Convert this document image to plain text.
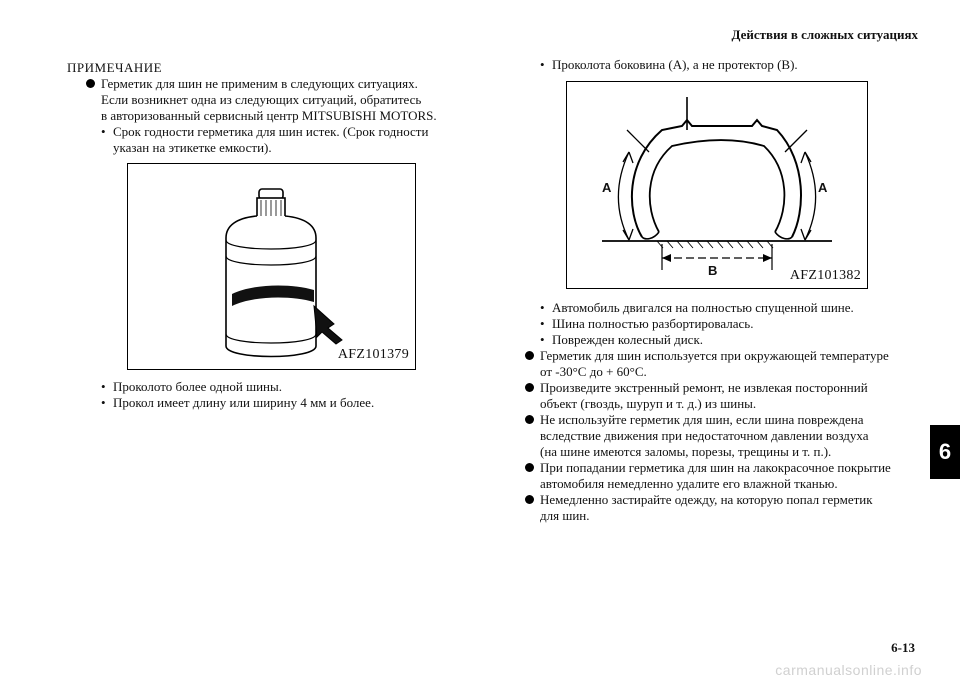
Действия в сложных ситуациях
ПРИМЕЧАНИЕ
Герметик для шин не применим в следующих ситуациях.
Если возникнет одна из следующих ситуаций, обратитесь
в авторизованный сервисный центр MITSUBISHI MOTORS.
• Срок годности герметика для шин истек. (Срок годности
указан на этикетке емкости).
AFZ101379
• Проколото более одной шины.
• Прокол имеет длину или ширину 4 мм и более.
• Проколота боковина (A), а не протектор (B).
A	A
B	AFZ101382
• Автомобиль двигался на полностью спущенной шине.
• Шина полностью разбортировалась.
• Поврежден колесный диск.
Герметик для шин используется при окружающей температуре
от -30°C до + 60°C.
Произведите экстренный ремонт, не извлекая посторонний
объект (гвоздь, шуруп и т. д.) из шины.
Не используйте герметик для шин, если шина повреждена
вследствие движения при недостаточном давлении воздуха
(на шине имеются заломы, порезы, трещины и т. п.).
При попадании герметика для шин на лакокрасочное покрытие
автомобиля немедленно удалите его влажной тканью.
Немедленно застирайте одежду, на которую попал герметик
для шин.
6
6-13
carmanualsonline.info
